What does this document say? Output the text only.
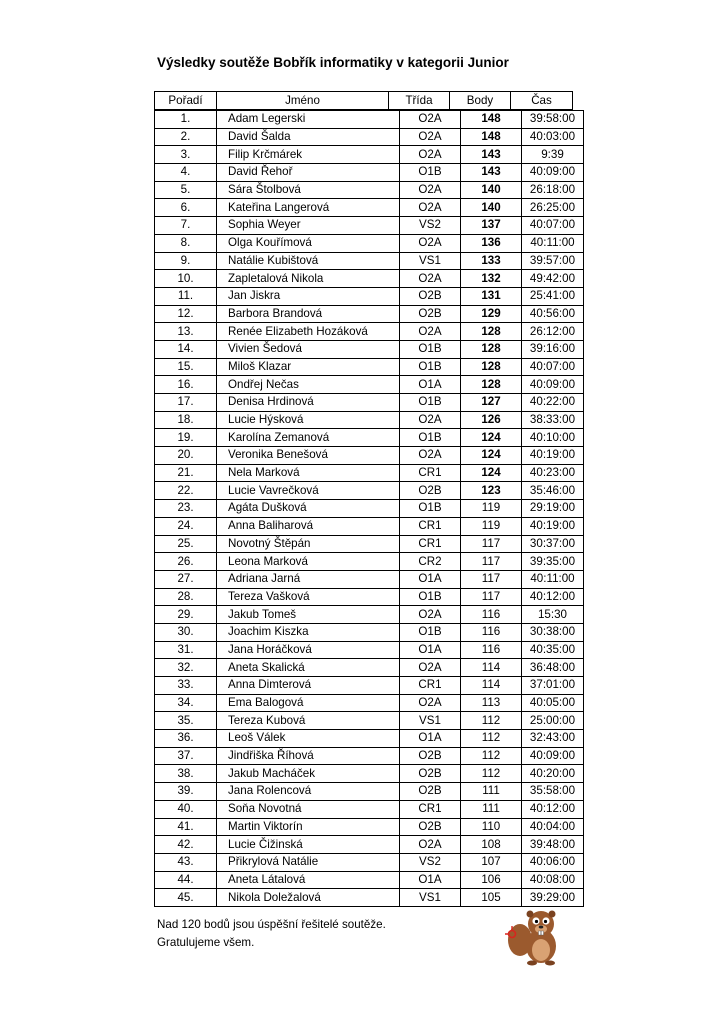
Výsledky soutěže Bobřík informatiky v kategorii Junior
Pořadí	Jméno	Třída	Body	Čas
1.	Adam Legerski	O2A	148	39:58:00
2.	David Šalda	O2A	148	40:03:00
3.	Filip Krčmárek	O2A	143	9:39
4.	David Řehoř	O1B	143	40:09:00
5.	Sára Štolbová	O2A	140	26:18:00
6.	Kateřina Langerová	O2A	140	26:25:00
7.	Sophia Weyer	VS2	137	40:07:00
8.	Olga Kouřímová	O2A	136	40:11:00
9.	Natálie Kubištová	VS1	133	39:57:00
10.	Zapletalová Nikola	O2A	132	49:42:00
11.	Jan Jiskra	O2B	131	25:41:00
12.	Barbora Brandová	O2B	129	40:56:00
13.	Renée Elizabeth Hozáková	O2A	128	26:12:00
14.	Vivien Šedová	O1B	128	39:16:00
15.	Miloš Klazar	O1B	128	40:07:00
16.	Ondřej Nečas	O1A	128	40:09:00
17.	Denisa Hrdinová	O1B	127	40:22:00
18.	Lucie Hýsková	O2A	126	38:33:00
19.	Karolína Zemanová	O1B	124	40:10:00
20.	Veronika Benešová	O2A	124	40:19:00
21.	Nela Marková	CR1	124	40:23:00
22.	Lucie Vavrečková	O2B	123	35:46:00
23.	Agáta Dušková	O1B	119	29:19:00
24.	Anna Baliharová	CR1	119	40:19:00
25.	Novotný Štěpán	CR1	117	30:37:00
26.	Leona Marková	CR2	117	39:35:00
27.	Adriana Jarná	O1A	117	40:11:00
28.	Tereza Vašková	O1B	117	40:12:00
29.	Jakub Tomeš	O2A	116	15:30
30.	Joachim Kiszka	O1B	116	30:38:00
31.	Jana Horáčková	O1A	116	40:35:00
32.	Aneta Skalická	O2A	114	36:48:00
33.	Anna Dimterová	CR1	114	37:01:00
34.	Ema Balogová	O2A	113	40:05:00
35.	Tereza Kubová	VS1	112	25:00:00
36.	Leoš Válek	O1A	112	32:43:00
37.	Jindřiška Říhová	O2B	112	40:09:00
38.	Jakub Macháček	O2B	112	40:20:00
39.	Jana Rolencová	O2B	111	35:58:00
40.	Soňa Novotná	CR1	111	40:12:00
41.	Martin Viktorín	O2B	110	40:04:00
42.	Lucie Čižinská	O2A	108	39:48:00
43.	Přikrylová Natálie	VS2	107	40:06:00
44.	Aneta Látalová	O1A	106	40:08:00
45.	Nikola Doležalová	VS1	105	39:29:00
Nad 120 bodů jsou úspěšní řešitelé soutěže.
Gratulujeme všem.
